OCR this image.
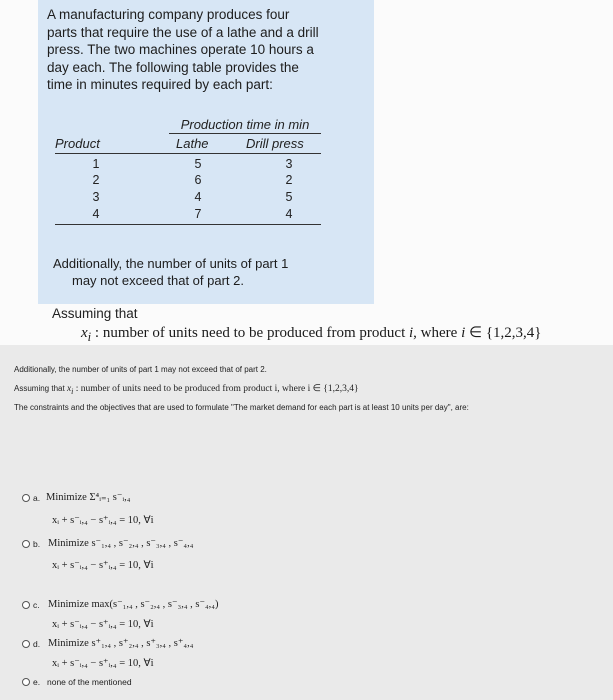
A manufacturing company produces four
parts that require the use of a lathe and a drill
press. The two machines operate 10 hours a
day each. The following table provides the
time in minutes required by each part:
Production time in min
Product	Lathe	Drill press
1	5	3
2	6	2
3	4	5
4	7	4
Additionally, the number of units of part 1
may not exceed that of part 2.
Assuming that
$x_i$ : number of units need to be produced from product i, where i ∈ {1,2,3,4}
Additionally, the number of units of part 1 may not exceed that of part 2.
Assuming that $x_i$ : number of units need to be produced from product i, where i ∈ {1,2,3,4}
The constraints and the objectives that are used to formulate "The market demand for each part is at least 10 units per day", are:
a. Minimize Σ⁴ᵢ₌₁ s⁻ᵢ,₄
xᵢ + s⁻ᵢ,₄ − s⁺ᵢ,₄ = 10, ∀i
b. Minimize s⁻₁,₄ , s⁻₂,₄ , s⁻₃,₄ , s⁻₄,₄
xᵢ + s⁻ᵢ,₄ − s⁺ᵢ,₄ = 10, ∀i
c. Minimize max(s⁻₁,₄ , s⁻₂,₄ , s⁻₃,₄ , s⁻₄,₄)
xᵢ + s⁻ᵢ,₄ − s⁺ᵢ,₄ = 10, ∀i
d. Minimize s⁺₁,₄ , s⁺₂,₄ , s⁺₃,₄ , s⁺₄,₄
xᵢ + s⁻ᵢ,₄ − s⁺ᵢ,₄ = 10, ∀i
e. none of the mentioned
